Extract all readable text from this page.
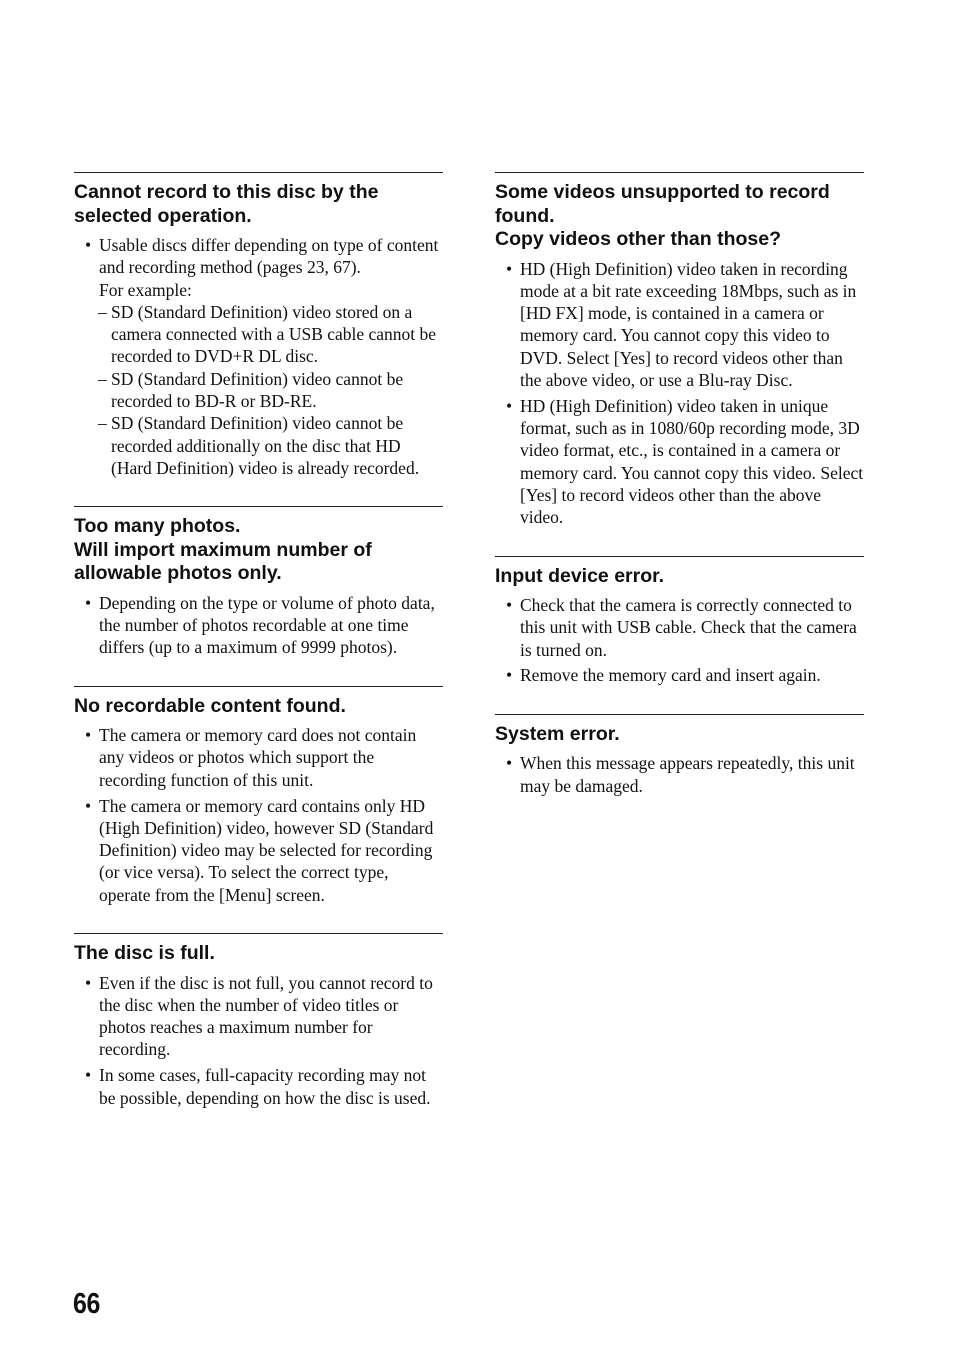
Cannot record to this disc by the selected operation.
• Usable discs differ depending on type of content and recording method (pages 23, 67).
For example:
– SD (Standard Definition) video stored on a camera connected with a USB cable cannot be recorded to DVD+R DL disc.
– SD (Standard Definition) video cannot be recorded to BD-R or BD-RE.
– SD (Standard Definition) video cannot be recorded additionally on the disc that HD (Hard Definition) video is already recorded.
Too many photos.
Will import maximum number of allowable photos only.
• Depending on the type or volume of photo data, the number of photos recordable at one time differs (up to a maximum of 9999 photos).
No recordable content found.
• The camera or memory card does not contain any videos or photos which support the recording function of this unit.
• The camera or memory card contains only HD (High Definition) video, however SD (Standard Definition) video may be selected for recording (or vice versa). To select the correct type, operate from the [Menu] screen.
The disc is full.
• Even if the disc is not full, you cannot record to the disc when the number of video titles or photos reaches a maximum number for recording.
• In some cases, full-capacity recording may not be possible, depending on how the disc is used.
Some videos unsupported to record found.
Copy videos other than those?
• HD (High Definition) video taken in recording mode at a bit rate exceeding 18Mbps, such as in [HD FX] mode, is contained in a camera or memory card. You cannot copy this video to DVD. Select [Yes] to record videos other than the above video, or use a Blu-ray Disc.
• HD (High Definition) video taken in unique format, such as in 1080/60p recording mode, 3D video format, etc., is contained in a camera or memory card. You cannot copy this video. Select [Yes] to record videos other than the above video.
Input device error.
• Check that the camera is correctly connected to this unit with USB cable. Check that the camera is turned on.
• Remove the memory card and insert again.
System error.
• When this message appears repeatedly, this unit may be damaged.
66
